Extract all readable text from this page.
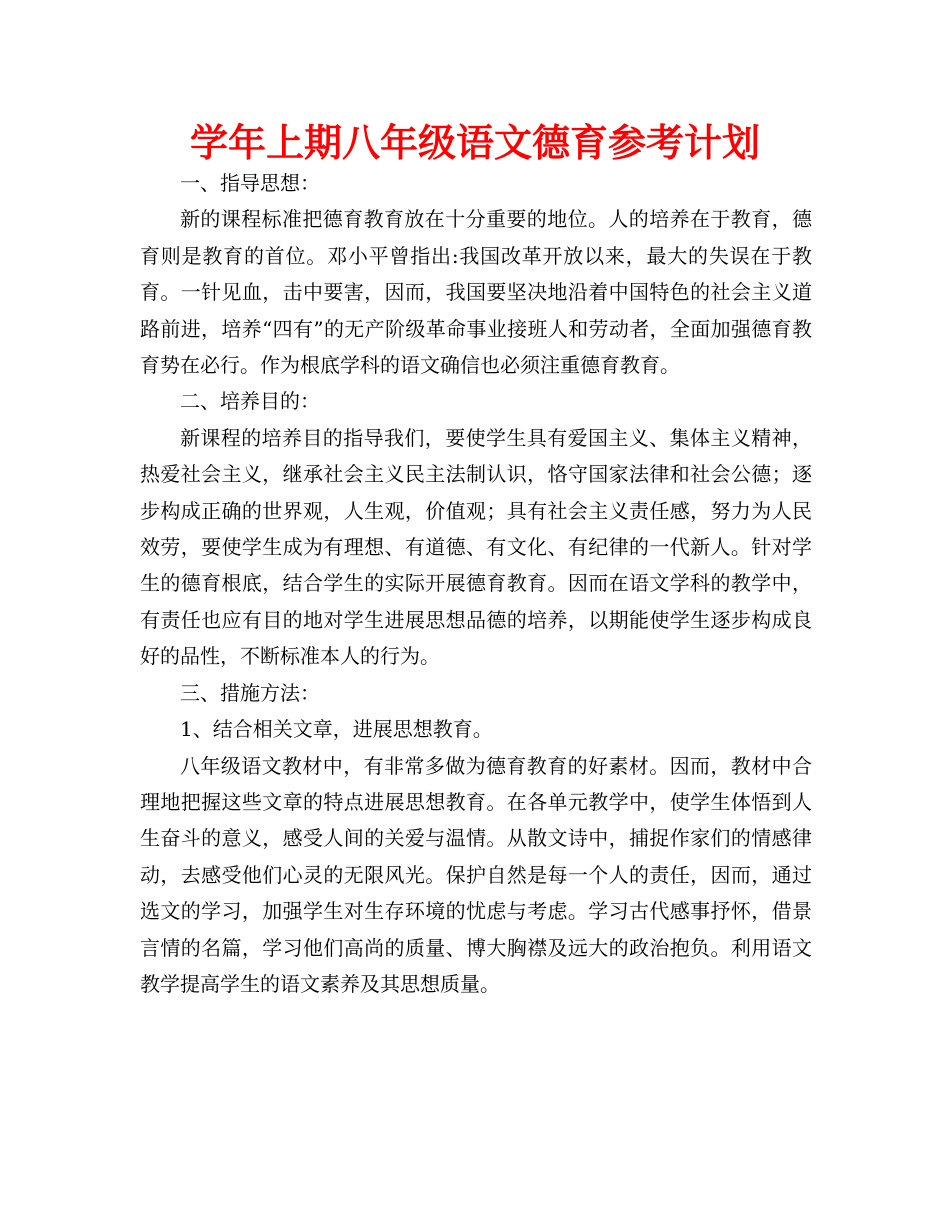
学年上期八年级语文德育参考计划

一、指导思想：

新的课程标准把德育教育放在十分重要的地位。人的培养在于教育，德育则是教育的首位。邓小平曾指出:我国改革开放以来，最大的失误在于教育。一针见血，击中要害，因而，我国要坚决地沿着中国特色的社会主义道路前进，培养“四有”的无产阶级革命事业接班人和劳动者，全面加强德育教育势在必行。作为根底学科的语文确信也必须注重德育教育。

二、培养目的：

新课程的培养目的指导我们，要使学生具有爱国主义、集体主义精神，热爱社会主义，继承社会主义民主法制认识，恪守国家法律和社会公德；逐步构成正确的世界观，人生观，价值观；具有社会主义责任感，努力为人民效劳，要使学生成为有理想、有道德、有文化、有纪律的一代新人。针对学生的德育根底，结合学生的实际开展德育教育。因而在语文学科的教学中，有责任也应有目的地对学生进展思想品德的培养，以期能使学生逐步构成良好的品性，不断标准本人的行为。

三、措施方法：

1、结合相关文章，进展思想教育。

八年级语文教材中，有非常多做为德育教育的好素材。因而，教材中合理地把握这些文章的特点进展思想教育。在各单元教学中，使学生体悟到人生奋斗的意义，感受人间的关爱与温情。从散文诗中，捕捉作家们的情感律动，去感受他们心灵的无限风光。保护自然是每一个人的责任，因而，通过选文的学习，加强学生对生存环境的忧虑与考虑。学习古代感事抒怀，借景言情的名篇，学习他们高尚的质量、博大胸襟及远大的政治抱负。利用语文教学提高学生的语文素养及其思想质量。
